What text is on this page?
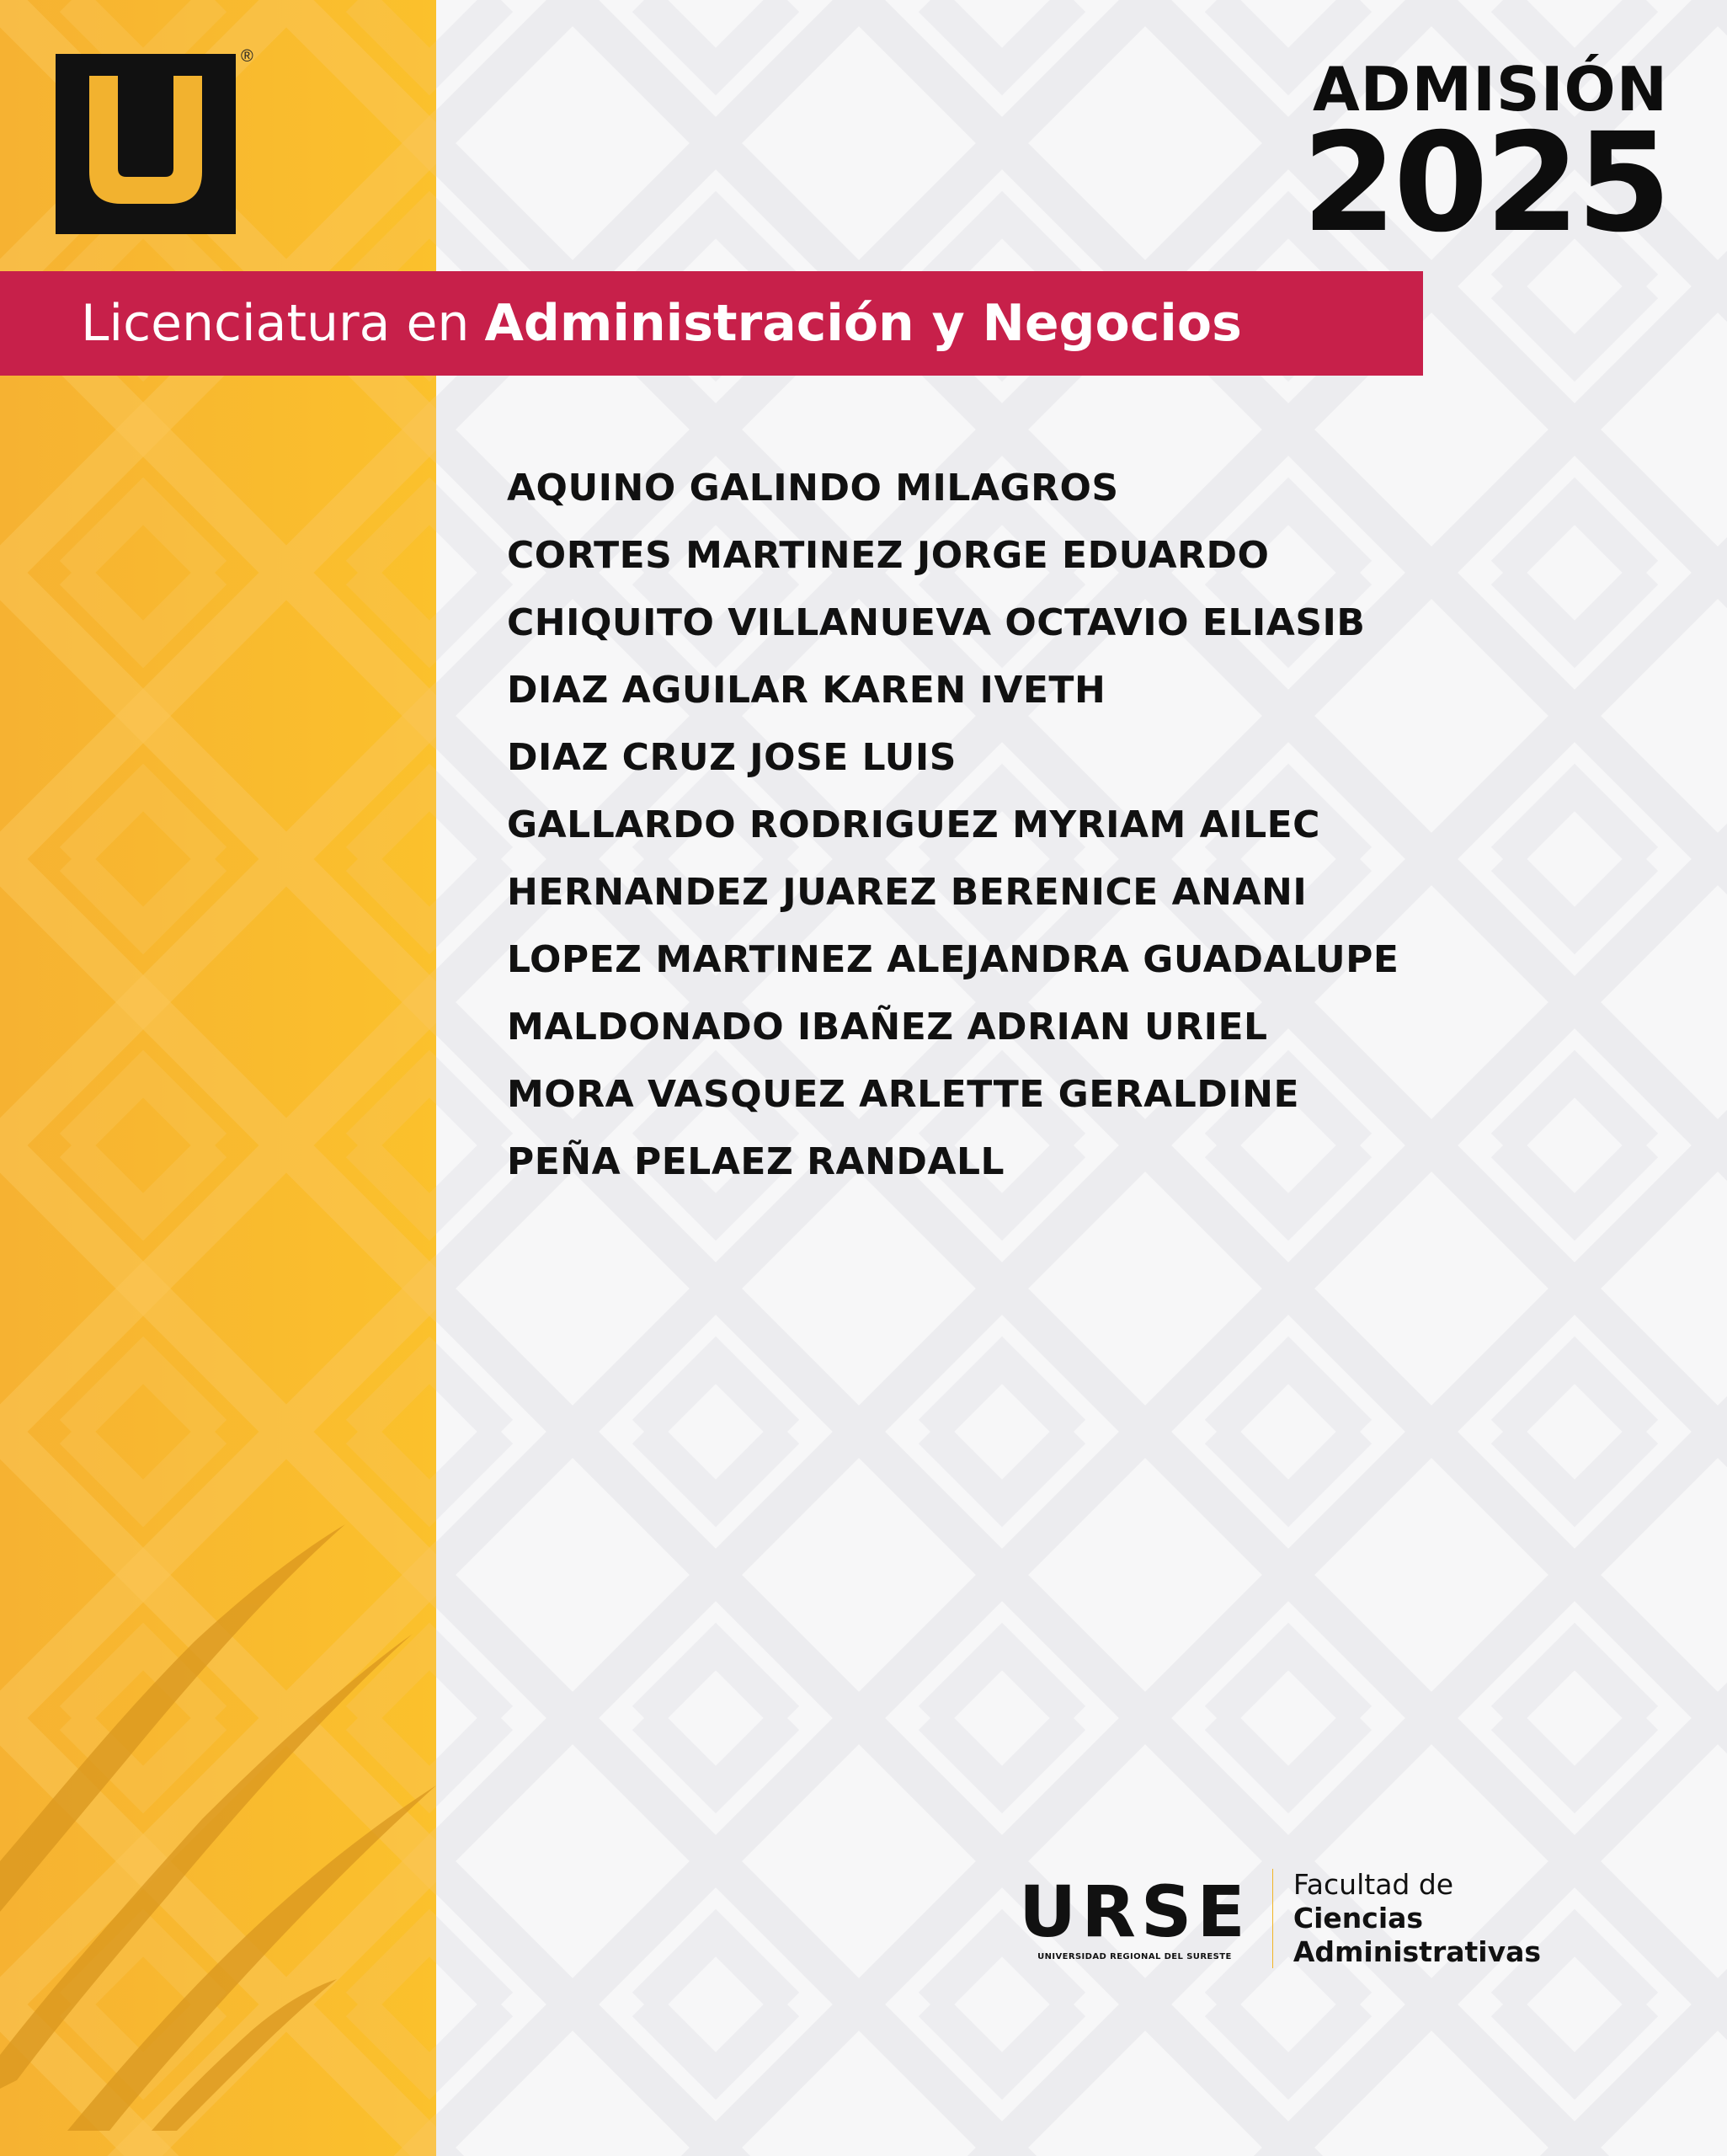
®	ADMISIÓN
2025
Licenciatura en Administración y Negocios
AQUINO GALINDO MILAGROS
CORTES MARTINEZ JORGE EDUARDO
CHIQUITO VILLANUEVA OCTAVIO ELIASIB
DIAZ AGUILAR KAREN IVETH
DIAZ CRUZ JOSE LUIS
GALLARDO RODRIGUEZ MYRIAM AILEC
HERNANDEZ JUAREZ BERENICE ANANI
LOPEZ MARTINEZ ALEJANDRA GUADALUPE
MALDONADO IBAÑEZ ADRIAN URIEL
MORA VASQUEZ ARLETTE GERALDINE
PEÑA PELAEZ RANDALL
URSE
UNIVERSIDAD REGIONAL DEL SURESTE
Facultad de
Ciencias
Administrativas
